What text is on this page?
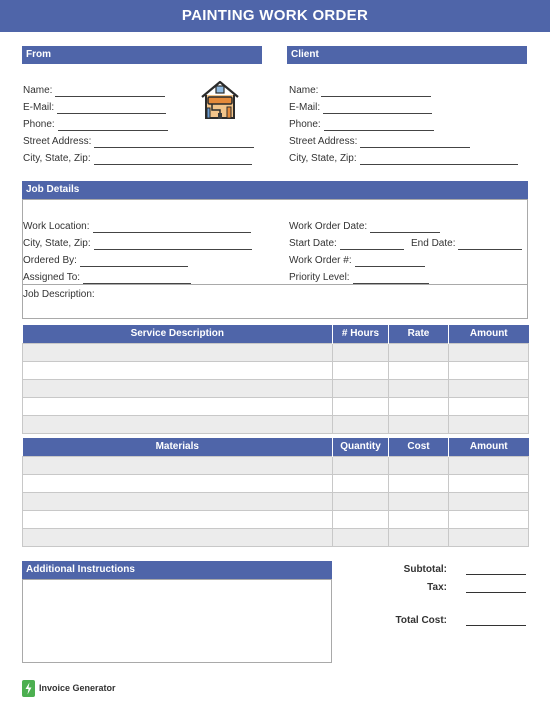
PAINTING WORK ORDER
From
Name:
E-Mail:
Phone:
Street Address:
City, State, Zip:
Client
Name:
E-Mail:
Phone:
Street Address:
City, State, Zip:
Job Details
Work Location:
City, State, Zip:
Ordered By:
Assigned To:
Work Order Date:
Start Date:	End Date:
Work Order #:
Priority Level:
Job Description:
Service Description	# Hours	Rate	Amount

Materials	Quantity	Cost	Amount

Additional Instructions	Subtotal:
Tax:
Total Cost:
Invoice Generator
